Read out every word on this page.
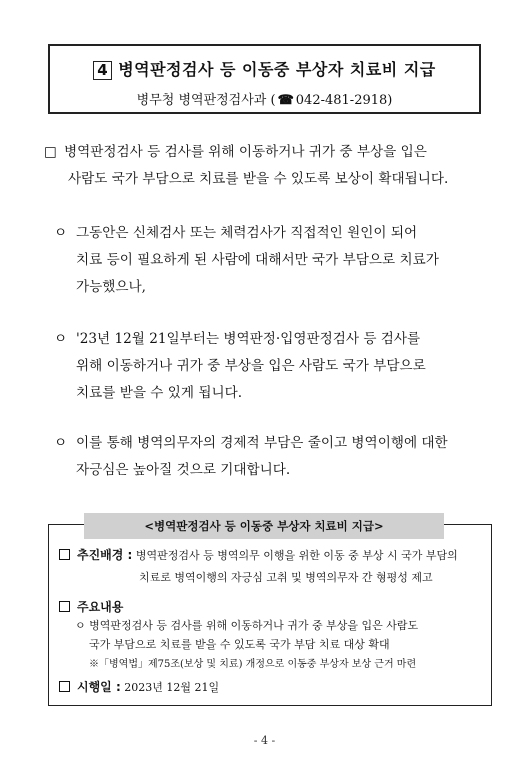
4 병역판정검사 등 이동중 부상자 치료비 지급
병무청 병역판정검사과 ( ☎ 042-481-2918)
□ 병역판정검사 등 검사를 위해 이동하거나 귀가 중 부상을 입은
사람도 국가 부담으로 치료를 받을 수 있도록 보상이 확대됩니다.
ㅇ 그동안은 신체검사 또는 체력검사가 직접적인 원인이 되어
치료 등이 필요하게 된 사람에 대해서만 국가 부담으로 치료가
가능했으나,
ㅇ '23년 12월 21일부터는 병역판정·입영판정검사 등 검사를
위해 이동하거나 귀가 중 부상을 입은 사람도 국가 부담으로
치료를 받을 수 있게 됩니다.
ㅇ 이를 통해 병역의무자의 경제적 부담은 줄이고 병역이행에 대한
자긍심은 높아질 것으로 기대합니다.
<병역판정검사 등 이동중 부상자 치료비 지급>
추진배경 : 병역판정검사 등 병역의무 이행을 위한 이동 중 부상 시 국가 부담의
치료로 병역이행의 자긍심 고취 및 병역의무자 간 형평성 제고
주요내용
ㅇ 병역판정검사 등 검사를 위해 이동하거나 귀가 중 부상을 입은 사람도
국가 부담으로 치료를 받을 수 있도록 국가 부담 치료 대상 확대
※「병역법」제75조(보상 및 치료) 개정으로 이동중 부상자 보상 근거 마련
시행일 : 2023년 12월 21일
- 4 -
